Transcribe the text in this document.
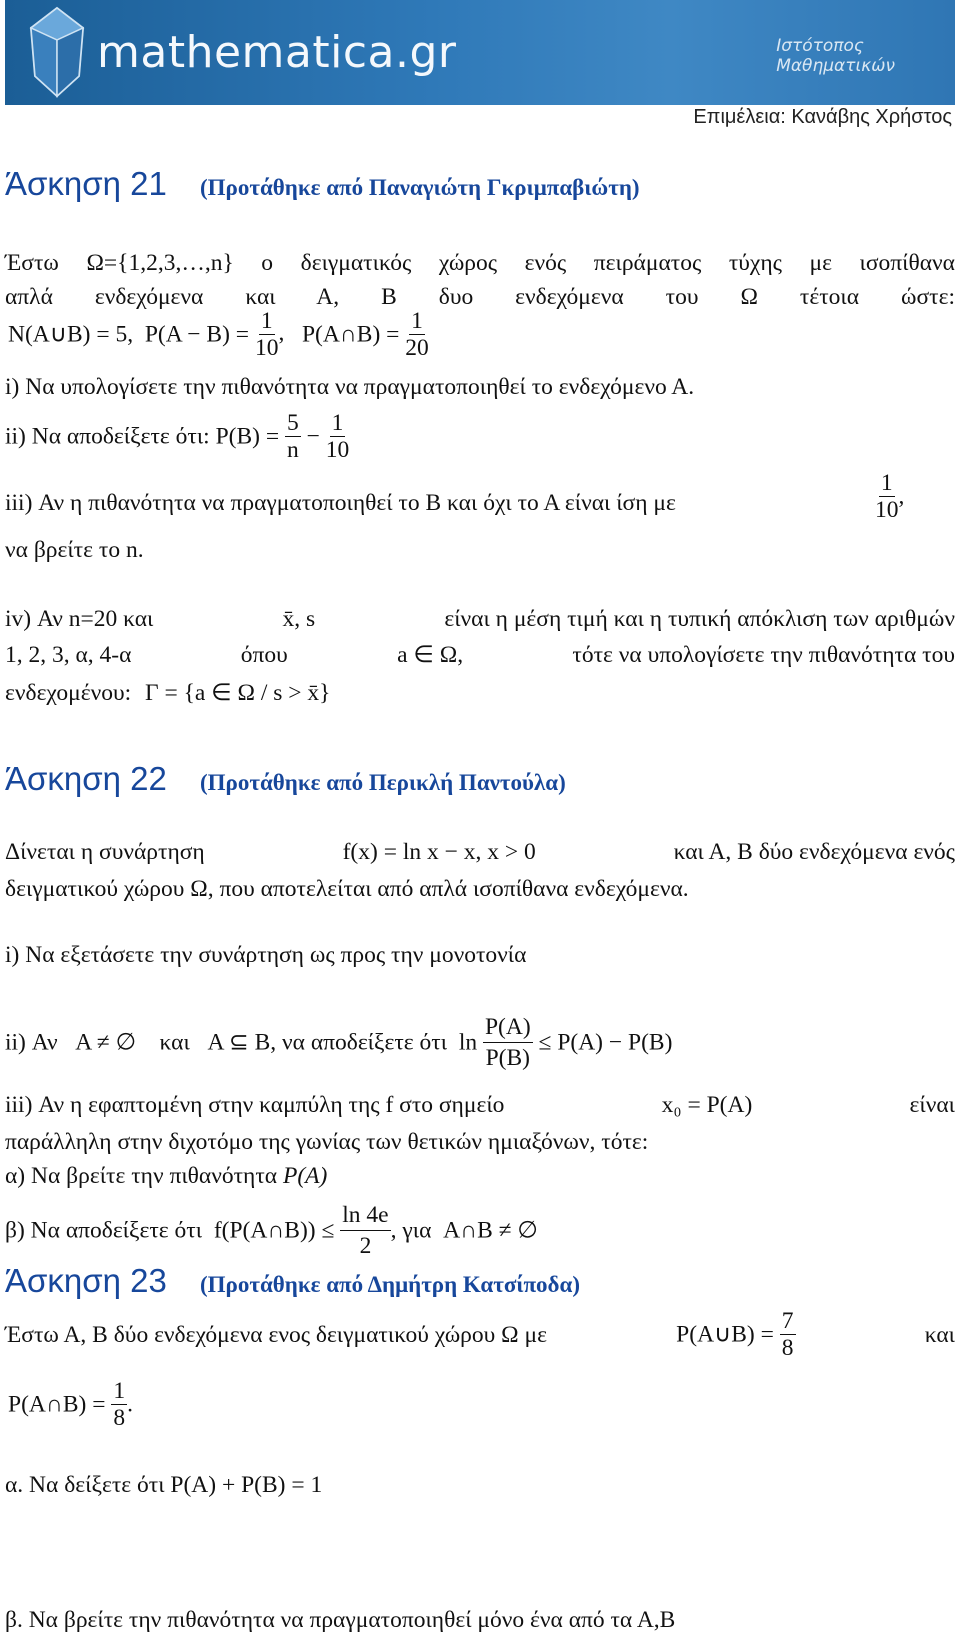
mathematica.gr	Ιστότοπος
Μαθηματικών
Επιμέλεια: Κανάβης Χρήστος
Άσκηση 21 (Προτάθηκε από Παναγιώτη Γκριμπαβιώτη)
Έστω Ω={1,2,3,…,n} ο δειγματικός χώρος ενός πειράματος τύχης με ισοπίθανα
απλά ενδεχόμενα και Α, Β δυο ενδεχόμενα του Ω τέτοια ώστε:
N(A∪B) = 5, $P(A - B) = \frac{1}{10}$ ,   P(A∩B) = $\frac{1}{20}$
i) Να υπολογίσετε την πιθανότητα να πραγματοποιηθεί το ενδεχόμενο Α.
ii) Να αποδείξετε ότι: $P(B) = \frac{5}{n} - \frac{1}{10}$
iii) Αν η πιθανότητα να πραγματοποιηθεί το Β και όχι το Α είναι ίση με	$\frac{1}{10}$ ,
να βρείτε το n.
iv) Αν n=20 και	x̄, s	είναι η μέση τιμή και η τυπική απόκλιση των αριθμών
1, 2, 3, α, 4-α	όπου	a ∈ Ω,	τότε να υπολογίσετε την πιθανότητα του
ενδεχομένου: Γ = {a ∈ Ω / s > x̄}
Άσκηση 22 (Προτάθηκε από Περικλή Παντούλα)
Δίνεται η συνάρτηση	f(x) = ln x − x, x > 0	και Α, Β δύο ενδεχόμενα ενός
δειγματικού χώρου Ω, που αποτελείται από απλά ισοπίθανα ενδεχόμενα.
i) Να εξετάσετε την συνάρτηση ως προς την μονοτονία
ii) Αν A ≠ ∅ και A ⊆ B, να αποδείξετε ότι $\ln \frac{P(A)}{P(B)} \le P(A) - P(B)$
iii) Αν η εφαπτομένη στην καμπύλη της f στο σημείο	x₀ = P(A)	είναι
παράλληλη στην διχοτόμο της γωνίας των θετικών ημιαξόνων, τότε:
α) Να βρείτε την πιθανότητα P(A)
β) Να αποδείξετε ότι f(P(A∩B)) ≤ $\frac{\ln 4e}{2}$ , για A∩B ≠ ∅
Άσκηση 23 (Προτάθηκε από Δημήτρη Κατσίποδα)
Έστω Α, Β δύο ενδεχόμενα ενος δειγματικού χώρου Ω με	P(A∪B) = $\frac{7}{8}$	και
P(A∩B) = $\frac{1}{8}$ .
α. Να δείξετε ότι P(A) + P(B) = 1
β. Να βρείτε την πιθανότητα να πραγματοποιηθεί μόνο ένα από τα Α,Β
